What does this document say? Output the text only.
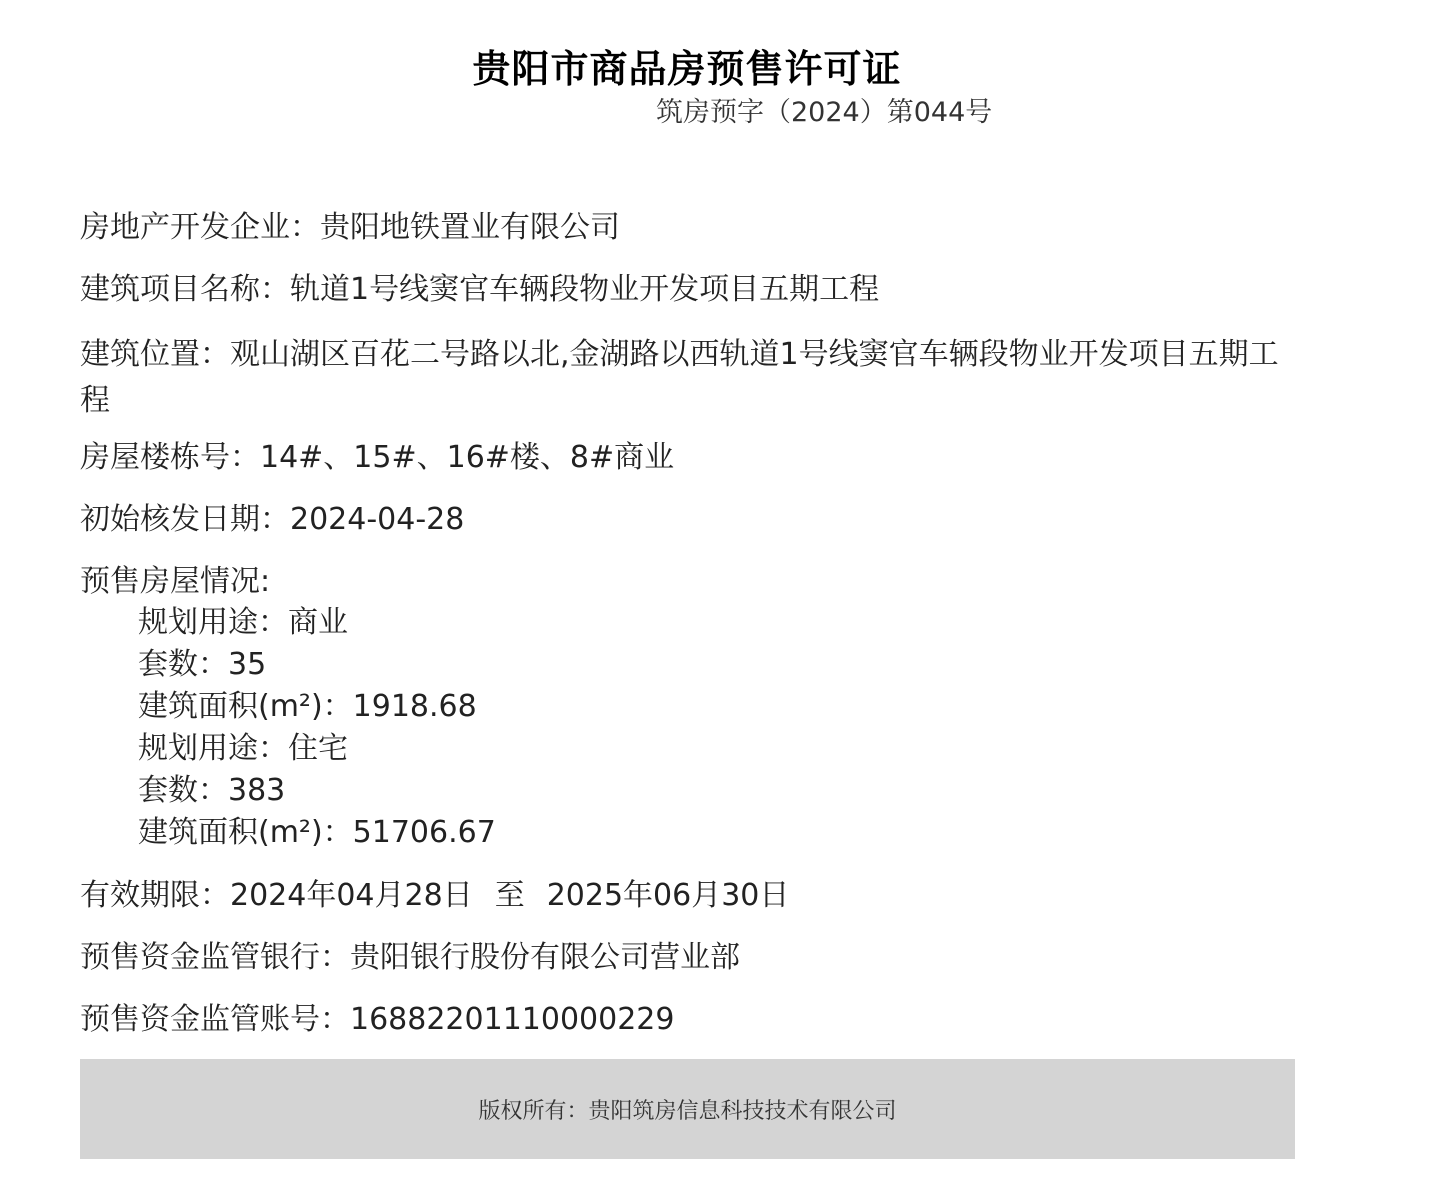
贵阳市商品房预售许可证
筑房预字（2024）第044号
房地产开发企业：贵阳地铁置业有限公司
建筑项目名称：轨道1号线窦官车辆段物业开发项目五期工程
建筑位置：观山湖区百花二号路以北,金湖路以西轨道1号线窦官车辆段物业开发项目五期工程
房屋楼栋号：14#、15#、16#楼、8#商业
初始核发日期：2024-04-28
预售房屋情况:
规划用途：商业
套数：35
建筑面积(m²)：1918.68
规划用途：住宅
套数：383
建筑面积(m²)：51706.67
有效期限：2024年04月28日 至 2025年06月30日
预售资金监管银行：贵阳银行股份有限公司营业部
预售资金监管账号：16882201110000229
版权所有：贵阳筑房信息科技技术有限公司
